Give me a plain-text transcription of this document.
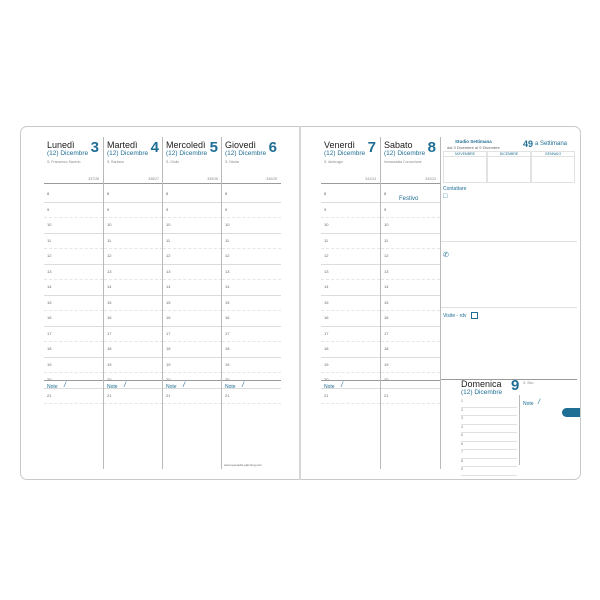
Lunedì
(12) Dicembre 3
S. Francesco Saverio
337/28
8
9
10
11
12
13
14
15
16
17
18
19
20
21
Note /
Martedì
(12) Dicembre 4
S. Barbara
338/27
8
9
10
11
12
13
14
15
16
17
18
19
20
21
Note /
Mercoledì
(12) Dicembre 5
S. Giulio
339/26
8
9
10
11
12
13
14
15
16
17
18
19
20
21
Note /
Giovedì
(12) Dicembre 6
S. Nicola
340/25
8
9
10
11
12
13
14
15
16
17
18
19
20
21
Note /
www.quovadis-planning.com
Venerdì
(12) Dicembre 7
S. Ambrogio
341/24
8
9
10
11
12
13
14
15
16
17
18
19
20
21
Note /
Sabato
(12) Dicembre 8
Immacolata Concezione
342/23
Festivo
8
9
10
11
12
13
14
15
16
17
18
19
20
21
Studio Settimana
dal 3 Dicembre al 9 Dicembre	49 a Settimana
NOVEMBRE	DICEMBRE	GENNAIO
Contattare
□
✆
Visite - rdv
Domenica
(12) Dicembre 9 S. Siro
Note /
1
2
3
4
5
6
7
8
9
